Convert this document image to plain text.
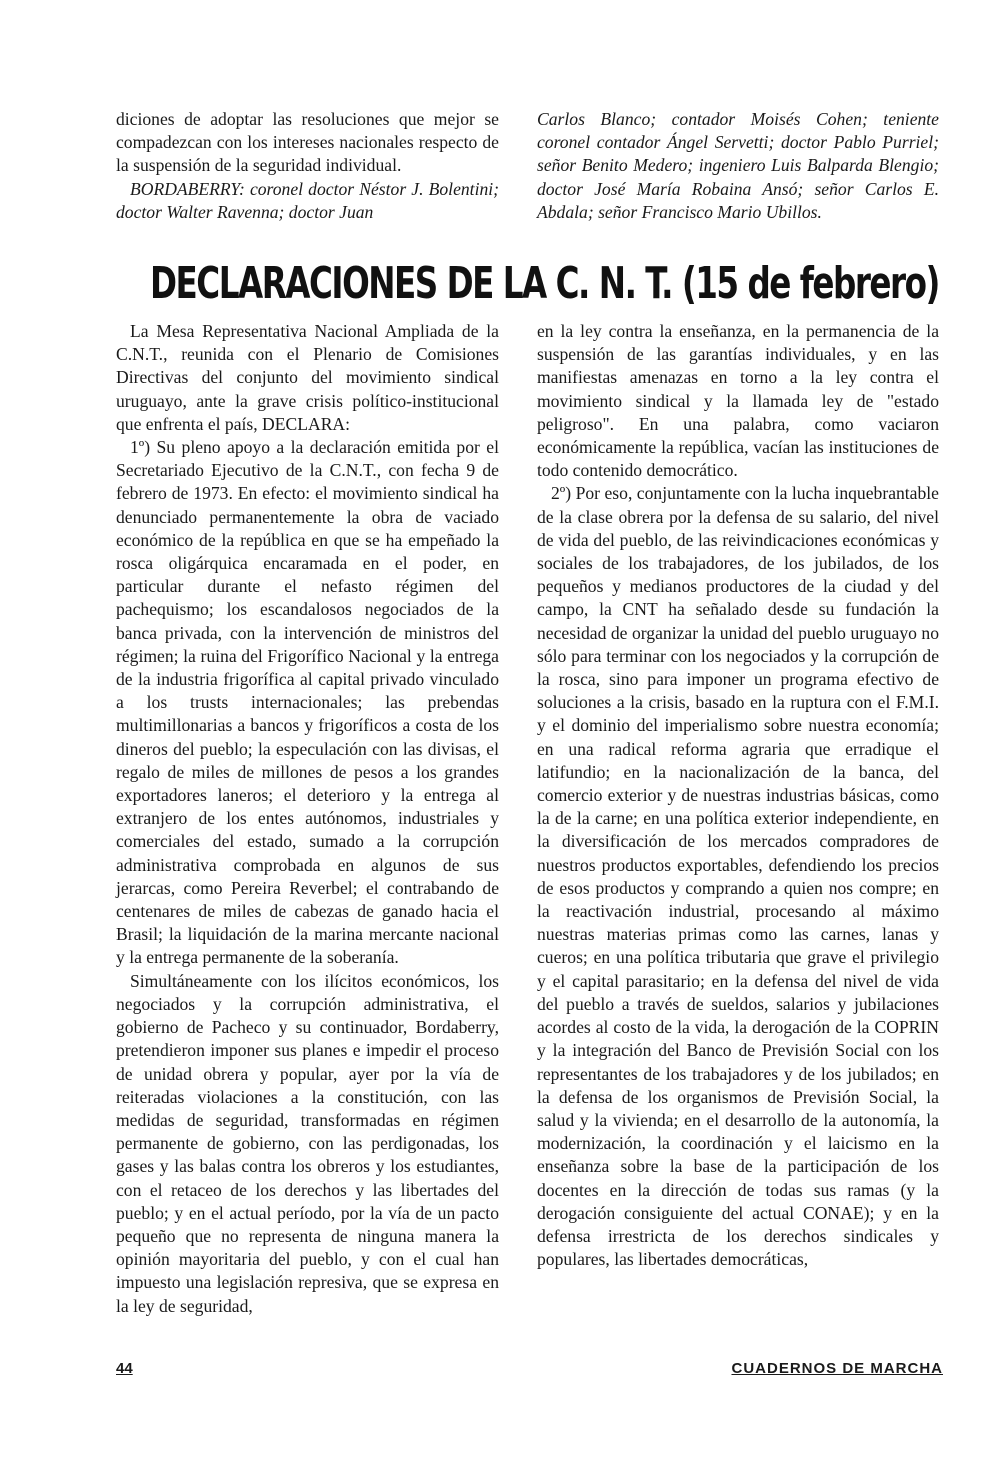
diciones de adoptar las resoluciones que mejor se compadezcan con los intereses nacionales respecto de la suspensión de la seguridad individual.

BORDABERRY: coronel doctor Néstor J. Bolentini; doctor Walter Ravenna; doctor Juan

Carlos Blanco; contador Moisés Cohen; teniente coronel contador Ángel Servetti; doctor Pablo Purriel; señor Benito Medero; ingeniero Luis Balparda Blengio; doctor José María Robaina Ansó; señor Carlos E. Abdala; señor Francisco Mario Ubillos.

DECLARACIONES DE LA C. N. T. (15 de febrero)

La Mesa Representativa Nacional Ampliada de la C.N.T., reunida con el Plenario de Comisiones Directivas del conjunto del movimiento sindical uruguayo, ante la grave crisis político-institucional que enfrenta el país, DECLARA:

1º) Su pleno apoyo a la declaración emitida por el Secretariado Ejecutivo de la C.N.T., con fecha 9 de febrero de 1973. En efecto: el movimiento sindical ha denunciado permanentemente la obra de vaciado económico de la república en que se ha empeñado la rosca oligárquica encaramada en el poder, en particular durante el nefasto régimen del pachequismo; los escandalosos negociados de la banca privada, con la intervención de ministros del régimen; la ruina del Frigorífico Nacional y la entrega de la industria frigorífica al capital privado vinculado a los trusts internacionales; las prebendas multimillonarias a bancos y frigoríficos a costa de los dineros del pueblo; la especulación con las divisas, el regalo de miles de millones de pesos a los grandes exportadores laneros; el deterioro y la entrega al extranjero de los entes autónomos, industriales y comerciales del estado, sumado a la corrupción administrativa comprobada en algunos de sus jerarcas, como Pereira Reverbel; el contrabando de centenares de miles de cabezas de ganado hacia el Brasil; la liquidación de la marina mercante nacional y la entrega permanente de la soberanía.

Simultáneamente con los ilícitos económicos, los negociados y la corrupción administrativa, el gobierno de Pacheco y su continuador, Bordaberry, pretendieron imponer sus planes e impedir el proceso de unidad obrera y popular, ayer por la vía de reiteradas violaciones a la constitución, con las medidas de seguridad, transformadas en régimen permanente de gobierno, con las perdigonadas, los gases y las balas contra los obreros y los estudiantes, con el retaceo de los derechos y las libertades del pueblo; y en el actual período, por la vía de un pacto pequeño que no representa de ninguna manera la opinión mayoritaria del pueblo, y con el cual han impuesto una legislación represiva, que se expresa en la ley de seguridad,

en la ley contra la enseñanza, en la permanencia de la suspensión de las garantías individuales, y en las manifiestas amenazas en torno a la ley contra el movimiento sindical y la llamada ley de "estado peligroso". En una palabra, como vaciaron económicamente la república, vacían las instituciones de todo contenido democrático.

2º) Por eso, conjuntamente con la lucha inquebrantable de la clase obrera por la defensa de su salario, del nivel de vida del pueblo, de las reivindicaciones económicas y sociales de los trabajadores, de los jubilados, de los pequeños y medianos productores de la ciudad y del campo, la CNT ha señalado desde su fundación la necesidad de organizar la unidad del pueblo uruguayo no sólo para terminar con los negociados y la corrupción de la rosca, sino para imponer un programa efectivo de soluciones a la crisis, basado en la ruptura con el F.M.I. y el dominio del imperialismo sobre nuestra economía; en una radical reforma agraria que erradique el latifundio; en la nacionalización de la banca, del comercio exterior y de nuestras industrias básicas, como la de la carne; en una política exterior independiente, en la diversificación de los mercados compradores de nuestros productos exportables, defendiendo los precios de esos productos y comprando a quien nos compre; en la reactivación industrial, procesando al máximo nuestras materias primas como las carnes, lanas y cueros; en una política tributaria que grave el privilegio y el capital parasitario; en la defensa del nivel de vida del pueblo a través de sueldos, salarios y jubilaciones acordes al costo de la vida, la derogación de la COPRIN y la integración del Banco de Previsión Social con los representantes de los trabajadores y de los jubilados; en la defensa de los organismos de Previsión Social, la salud y la vivienda; en el desarrollo de la autonomía, la modernización, la coordinación y el laicismo en la enseñanza sobre la base de la participación de los docentes en la dirección de todas sus ramas (y la derogación consiguiente del actual CONAE); y en la defensa irrestricta de los derechos sindicales y populares, las libertades democráticas,

44	CUADERNOS DE MARCHA
